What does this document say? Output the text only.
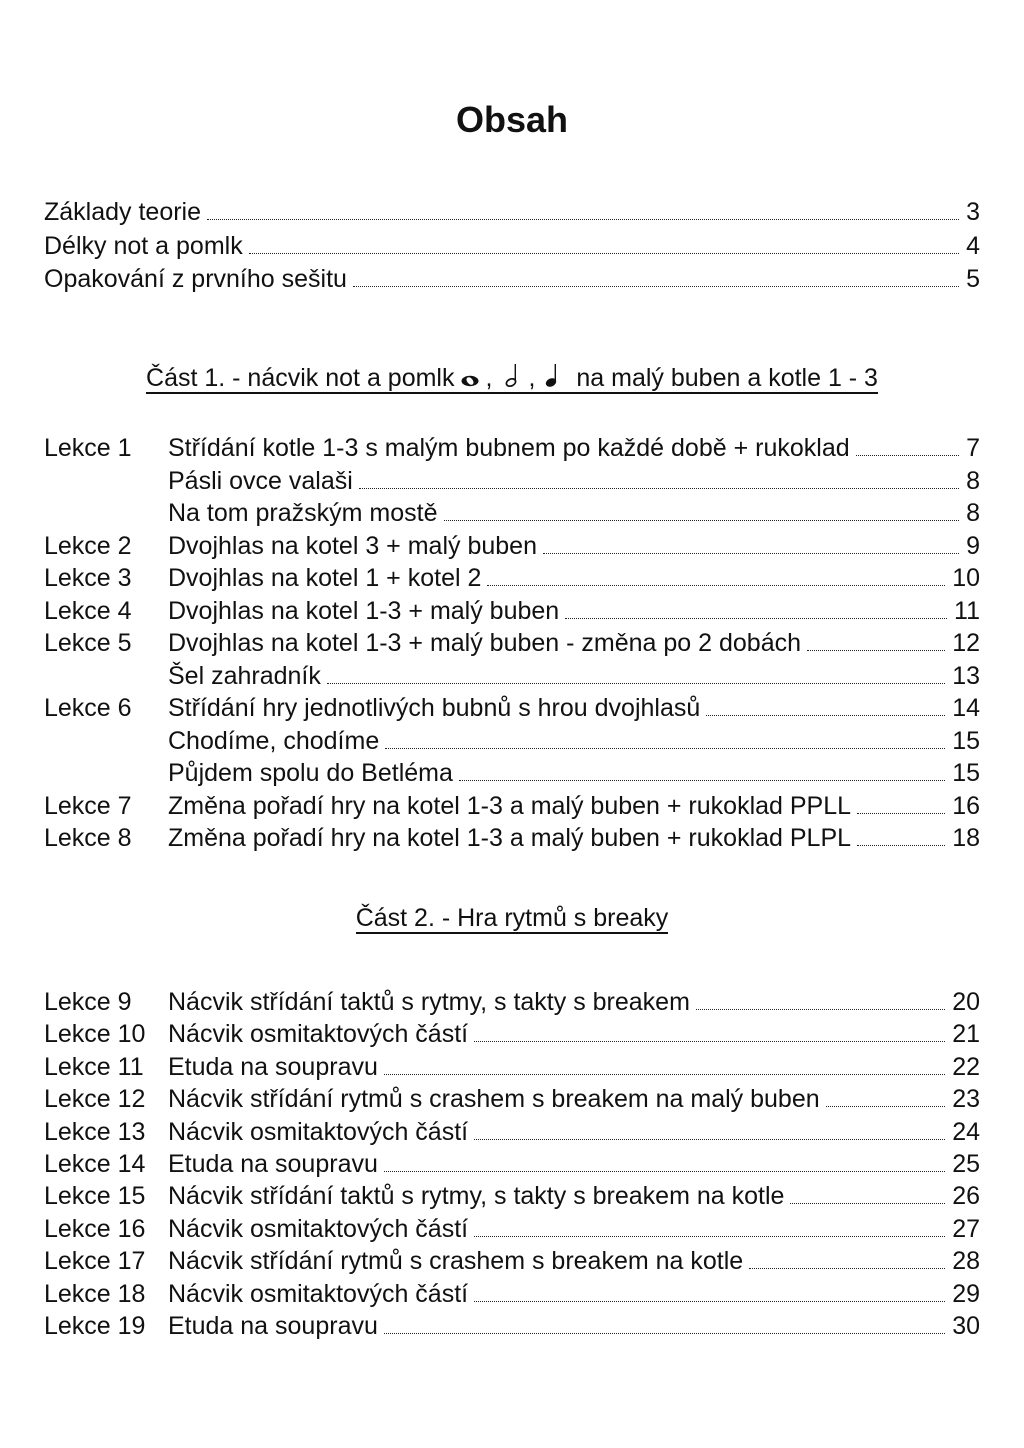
Obsah
Základy teorie	3
Délky not a pomlk	4
Opakování z prvního sešitu	5
Část 1. - nácvik not a pomlk , , na malý buben a kotle 1 - 3
Lekce 1	Střídání kotle 1-3 s malým bubnem po každé době + rukoklad	7
Pásli ovce valaši	8
Na tom pražským mostě	8
Lekce 2	Dvojhlas na kotel 3 + malý buben	9
Lekce 3	Dvojhlas na kotel 1 + kotel 2	10
Lekce 4	Dvojhlas na kotel 1-3 + malý buben	11
Lekce 5	Dvojhlas na kotel 1-3 + malý buben - změna po 2 dobách	12
Šel zahradník	13
Lekce 6	Střídání hry jednotlivých bubnů s hrou dvojhlasů	14
Chodíme, chodíme	15
Půjdem spolu do Betléma	15
Lekce 7	Změna pořadí hry na kotel 1-3 a malý buben + rukoklad PPLL	16
Lekce 8	Změna pořadí hry na kotel 1-3 a malý buben + rukoklad PLPL	18
Část 2. - Hra rytmů s breaky
Lekce 9	Nácvik střídání taktů s rytmy, s takty s breakem	20
Lekce 10 Nácvik osmitaktových částí	21
Lekce 11 Etuda na soupravu	22
Lekce 12 Nácvik střídání rytmů s crashem s breakem na malý buben	23
Lekce 13 Nácvik osmitaktových částí	24
Lekce 14 Etuda na soupravu	25
Lekce 15 Nácvik střídání taktů s rytmy, s takty s breakem na kotle	26
Lekce 16 Nácvik osmitaktových částí	27
Lekce 17 Nácvik střídání rytmů s crashem s breakem na kotle	28
Lekce 18 Nácvik osmitaktových částí	29
Lekce 19 Etuda na soupravu	30
